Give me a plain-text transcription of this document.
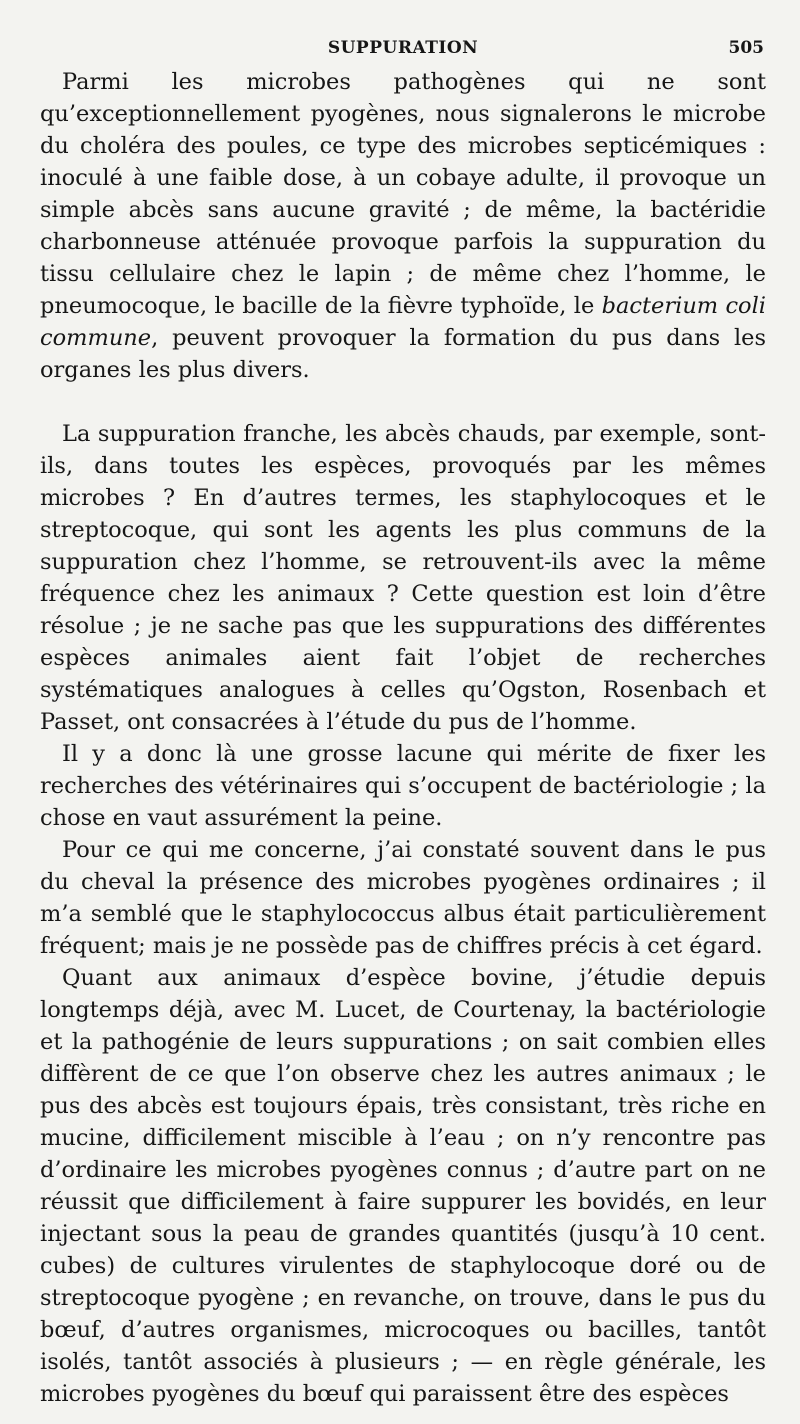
SUPPURATION	505

Parmi les microbes pathogènes qui ne sont qu’exceptionnellement pyogènes, nous signalerons le microbe du choléra des poules, ce type des microbes septicémiques : inoculé à une faible dose, à un cobaye adulte, il provoque un simple abcès sans aucune gravité ; de même, la bactéridie charbonneuse atténuée provoque parfois la suppuration du tissu cellulaire chez le lapin ; de même chez l’homme, le pneumocoque, le bacille de la fièvre typhoïde, le bacterium coli commune, peuvent provoquer la formation du pus dans les organes les plus divers.

La suppuration franche, les abcès chauds, par exemple, sont-ils, dans toutes les espèces, provoqués par les mêmes microbes ? En d’autres termes, les staphylocoques et le streptocoque, qui sont les agents les plus communs de la suppuration chez l’homme, se retrouvent-ils avec la même fréquence chez les animaux ? Cette question est loin d’être résolue ; je ne sache pas que les suppurations des différentes espèces animales aient fait l’objet de recherches systématiques analogues à celles qu’Ogston, Rosenbach et Passet, ont consacrées à l’étude du pus de l’homme.

Il y a donc là une grosse lacune qui mérite de fixer les recherches des vétérinaires qui s’occupent de bactériologie ; la chose en vaut assurément la peine.

Pour ce qui me concerne, j’ai constaté souvent dans le pus du cheval la présence des microbes pyogènes ordinaires ; il m’a semblé que le staphylococcus albus était particulièrement fréquent; mais je ne possède pas de chiffres précis à cet égard.

Quant aux animaux d’espèce bovine, j’étudie depuis longtemps déjà, avec M. Lucet, de Courtenay, la bactériologie et la pathogénie de leurs suppurations ; on sait combien elles diffèrent de ce que l’on observe chez les autres animaux ; le pus des abcès est toujours épais, très consistant, très riche en mucine, difficilement miscible à l’eau ; on n’y rencontre pas d’ordinaire les microbes pyogènes connus ; d’autre part on ne réussit que difficilement à faire suppurer les bovidés, en leur injectant sous la peau de grandes quantités (jusqu’à 10 cent. cubes) de cultures virulentes de staphylocoque doré ou de streptocoque pyogène ; en revanche, on trouve, dans le pus du bœuf, d’autres organismes, microcoques ou bacilles, tantôt isolés, tantôt associés à plusieurs ; — en règle générale, les microbes pyogènes du bœuf qui paraissent être des espèces
